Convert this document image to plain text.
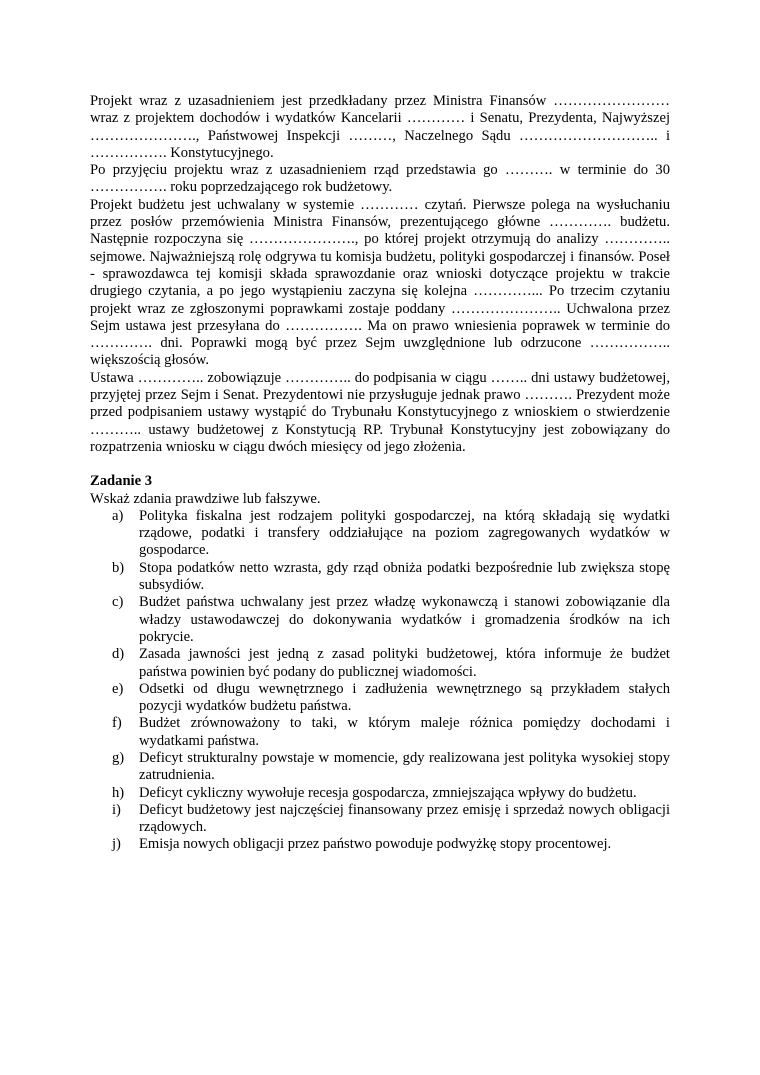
Projekt wraz z uzasadnieniem jest przedkładany przez Ministra Finansów …………………… wraz z projektem dochodów i wydatków Kancelarii ………… i Senatu, Prezydenta, Najwyższej …………………., Państwowej Inspekcji ………, Naczelnego Sądu ……………………….. i ……………. Konstytucyjnego.

Po przyjęciu projektu wraz z uzasadnieniem rząd przedstawia go ………. w terminie do 30 ……………. roku poprzedzającego rok budżetowy.

Projekt budżetu jest uchwalany w systemie ………… czytań. Pierwsze polega na wysłuchaniu przez posłów przemówienia Ministra Finansów, prezentującego główne …………. budżetu. Następnie rozpoczyna się …………………., po której projekt otrzymują do analizy ………….. sejmowe. Najważniejszą rolę odgrywa tu komisja budżetu, polityki gospodarczej i finansów. Poseł - sprawozdawca tej komisji składa sprawozdanie oraz wnioski dotyczące projektu w trakcie drugiego czytania, a po jego wystąpieniu zaczyna się kolejna …………... Po trzecim czytaniu projekt wraz ze zgłoszonymi poprawkami zostaje poddany ………………….. Uchwalona przez Sejm ustawa jest przesyłana do ……………. Ma on prawo wniesienia poprawek w terminie do …………. dni. Poprawki mogą być przez Sejm uwzględnione lub odrzucone …………….. większością głosów.

Ustawa ………….. zobowiązuje ………….. do podpisania w ciągu …….. dni ustawy budżetowej, przyjętej przez Sejm i Senat. Prezydentowi nie przysługuje jednak prawo ………. Prezydent może przed podpisaniem ustawy wystąpić do Trybunału Konstytucyjnego z wnioskiem o stwierdzenie ……….. ustawy budżetowej z Konstytucją RP. Trybunał Konstytucyjny jest zobowiązany do rozpatrzenia wniosku w ciągu dwóch miesięcy od jego złożenia.

Zadanie 3

Wskaż zdania prawdziwe lub fałszywe.

a)	Polityka fiskalna jest rodzajem polityki gospodarczej, na którą składają się wydatki rządowe, podatki i transfery oddziałujące na poziom zagregowanych wydatków w gospodarce.
b)	Stopa podatków netto wzrasta, gdy rząd obniża podatki bezpośrednie lub zwiększa stopę subsydiów.
c)	Budżet państwa uchwalany jest przez władzę wykonawczą i stanowi zobowiązanie dla władzy ustawodawczej do dokonywania wydatków i gromadzenia środków na ich pokrycie.
d)	Zasada jawności jest jedną z zasad polityki budżetowej, która informuje że budżet państwa powinien być podany do publicznej wiadomości.
e)	Odsetki od długu wewnętrznego i zadłużenia wewnętrznego są przykładem stałych pozycji wydatków budżetu państwa.
f)	Budżet zrównoważony to taki, w którym maleje różnica pomiędzy dochodami i wydatkami państwa.
g)	Deficyt strukturalny powstaje w momencie, gdy realizowana jest polityka wysokiej stopy zatrudnienia.
h)	Deficyt cykliczny wywołuje recesja gospodarcza, zmniejszająca wpływy do budżetu.
i)	Deficyt budżetowy jest najczęściej finansowany przez emisję i sprzedaż nowych obligacji rządowych.
j)	Emisja nowych obligacji przez państwo powoduje podwyżkę stopy procentowej.
